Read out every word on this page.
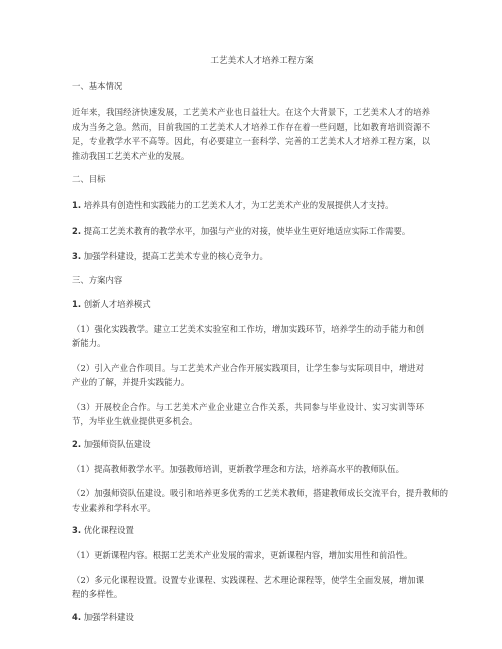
工艺美术人才培养工程方案
一、基本情况
近年来，我国经济快速发展，工艺美术产业也日益壮大。在这个大背景下，工艺美术人才的培养成为当务之急。然而，目前我国的工艺美术人才培养工作存在着一些问题，比如教育培训资源不足，专业教学水平不高等。因此，有必要建立一套科学、完善的工艺美术人才培养工程方案，以推动我国工艺美术产业的发展。
二、目标
1. 培养具有创造性和实践能力的工艺美术人才，为工艺美术产业的发展提供人才支持。
2. 提高工艺美术教育的教学水平，加强与产业的对接，使毕业生更好地适应实际工作需要。
3. 加强学科建设，提高工艺美术专业的核心竞争力。
三、方案内容
1. 创新人才培养模式
（1）强化实践教学。建立工艺美术实验室和工作坊，增加实践环节，培养学生的动手能力和创新能力。
（2）引入产业合作项目。与工艺美术产业合作开展实践项目，让学生参与实际项目中，增进对产业的了解，并提升实践能力。
（3）开展校企合作。与工艺美术产业企业建立合作关系，共同参与毕业设计、实习实训等环节，为毕业生就业提供更多机会。
2. 加强师资队伍建设
（1）提高教师教学水平。加强教师培训，更新教学理念和方法，培养高水平的教师队伍。
（2）加强师资队伍建设。吸引和培养更多优秀的工艺美术教师，搭建教师成长交流平台，提升教师的专业素养和学科水平。
3. 优化课程设置
（1）更新课程内容。根据工艺美术产业发展的需求，更新课程内容，增加实用性和前沿性。
（2）多元化课程设置。设置专业课程、实践课程、艺术理论课程等，使学生全面发展，增加课程的多样性。
4. 加强学科建设
